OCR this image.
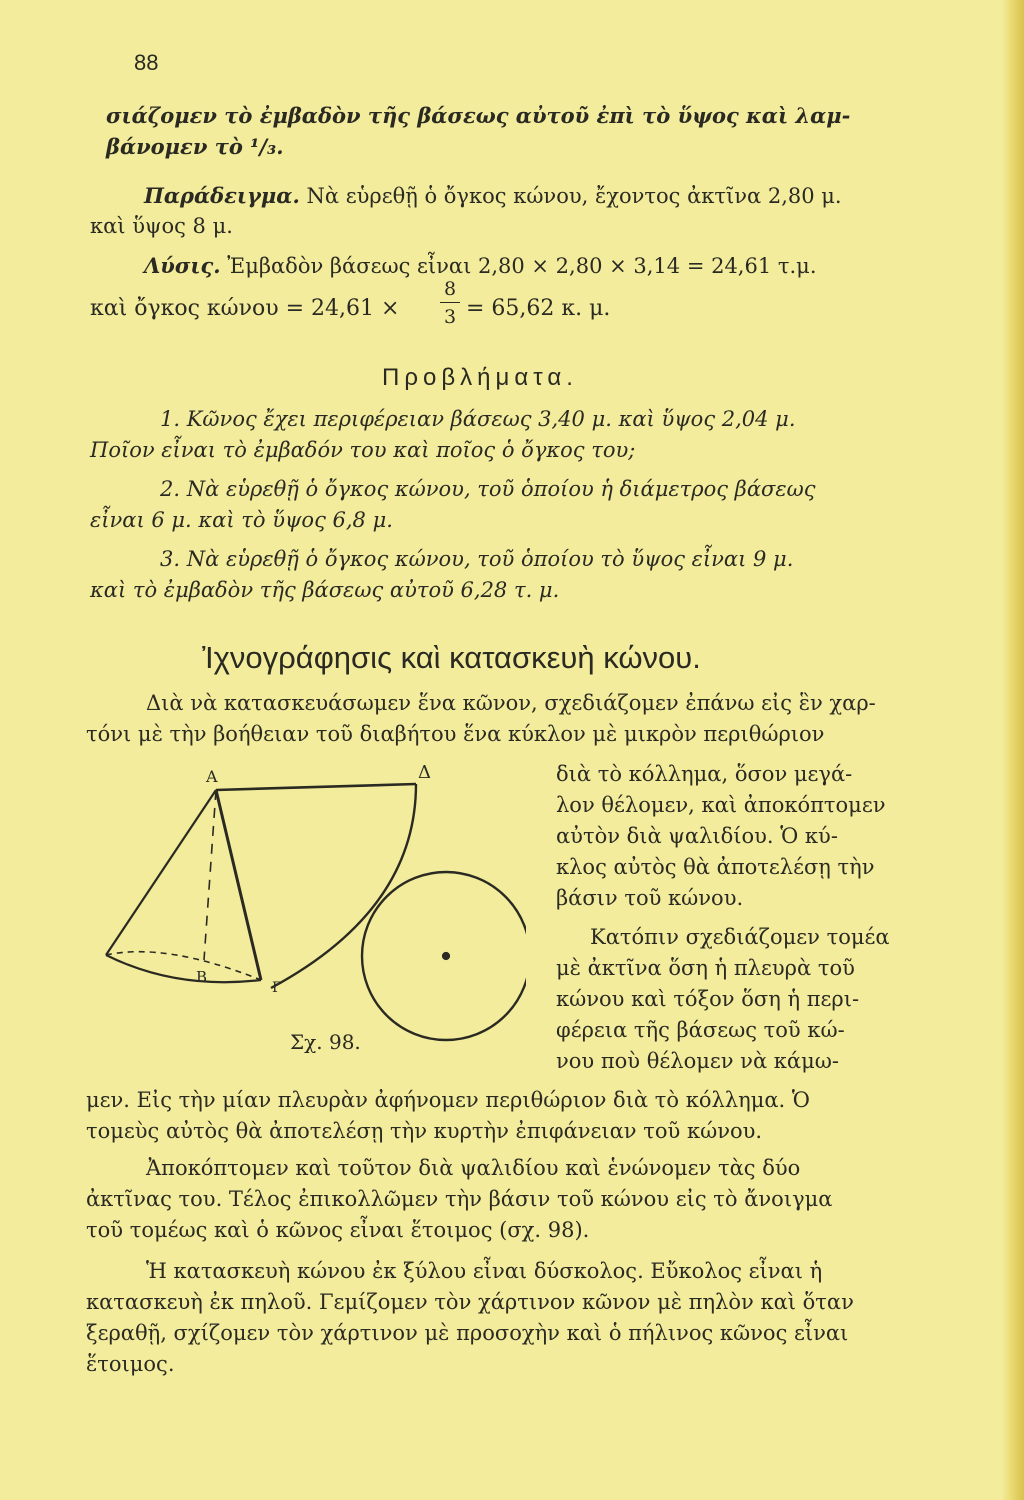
88
σιάζομεν τὸ ἐμβαδὸν τῆς βάσεως αὐτοῦ ἐπὶ τὸ ὕψος καὶ λαμ-
βάνομεν τὸ ¹/₃.
Παράδειγμα. Νὰ εὑρεθῇ ὁ ὄγκος κώνου, ἔχοντος ἀκτῖνα 2,80 μ.
καὶ ὕψος 8 μ.
Λύσις. Ἐμβαδὸν βάσεως εἶναι 2,80 × 2,80 × 3,14 = 24,61 τ.μ.
καὶ ὄγκος κώνου = 24,61 ×
8
3 = 65,62 κ. μ.
Προβλήματα.
1. Κῶνος ἔχει περιφέρειαν βάσεως 3,40 μ. καὶ ὕψος 2,04 μ.
Ποῖον εἶναι τὸ ἐμβαδόν του καὶ ποῖος ὁ ὄγκος του;
2. Νὰ εὑρεθῇ ὁ ὄγκος κώνου, τοῦ ὁποίου ἡ διάμετρος βάσεως
εἶναι 6 μ. καὶ τὸ ὕψος 6,8 μ.
3. Νὰ εὑρεθῇ ὁ ὄγκος κώνου, τοῦ ὁποίου τὸ ὕψος εἶναι 9 μ.
καὶ τὸ ἐμβαδὸν τῆς βάσεως αὐτοῦ 6,28 τ. μ.
Ἰχνογράφησις καὶ κατασκευὴ κώνου.
Διὰ νὰ κατασκευάσωμεν ἕνα κῶνον, σχεδιάζομεν ἐπάνω εἰς ἓν χαρ-
τόνι μὲ τὴν βοήθειαν τοῦ διαβήτου ἕνα κύκλον μὲ μικρὸν περιθώριον
διὰ τὸ κόλλημα, ὅσον μεγά-
λον θέλομεν, καὶ ἀποκόπτομεν
αὐτὸν διὰ ψαλιδίου. Ὁ κύ-
κλος αὐτὸς θὰ ἀποτελέσῃ τὴν
βάσιν τοῦ κώνου.
Κατόπιν σχεδιάζομεν τομέα
μὲ ἀκτῖνα ὅση ἡ πλευρὰ τοῦ
κώνου καὶ τόξον ὅση ἡ περι-
φέρεια τῆς βάσεως τοῦ κώ-
νου ποὺ θέλομεν νὰ κάμω-
Α	Δ
Β
Γ
Σχ. 98.
μεν. Εἰς τὴν μίαν πλευρὰν ἀφήνομεν περιθώριον διὰ τὸ κόλλημα. Ὁ
τομεὺς αὐτὸς θὰ ἀποτελέσῃ τὴν κυρτὴν ἐπιφάνειαν τοῦ κώνου.
Ἀποκόπτομεν καὶ τοῦτον διὰ ψαλιδίου καὶ ἑνώνομεν τὰς δύο
ἀκτῖνας του. Τέλος ἐπικολλῶμεν τὴν βάσιν τοῦ κώνου εἰς τὸ ἄνοιγμα
τοῦ τομέως καὶ ὁ κῶνος εἶναι ἕτοιμος (σχ. 98).
Ἡ κατασκευὴ κώνου ἐκ ξύλου εἶναι δύσκολος. Εὔκολος εἶναι ἡ
κατασκευὴ ἐκ πηλοῦ. Γεμίζομεν τὸν χάρτινον κῶνον μὲ πηλὸν καὶ ὅταν
ξεραθῇ, σχίζομεν τὸν χάρτινον μὲ προσοχὴν καὶ ὁ πήλινος κῶνος εἶναι
ἕτοιμος.
